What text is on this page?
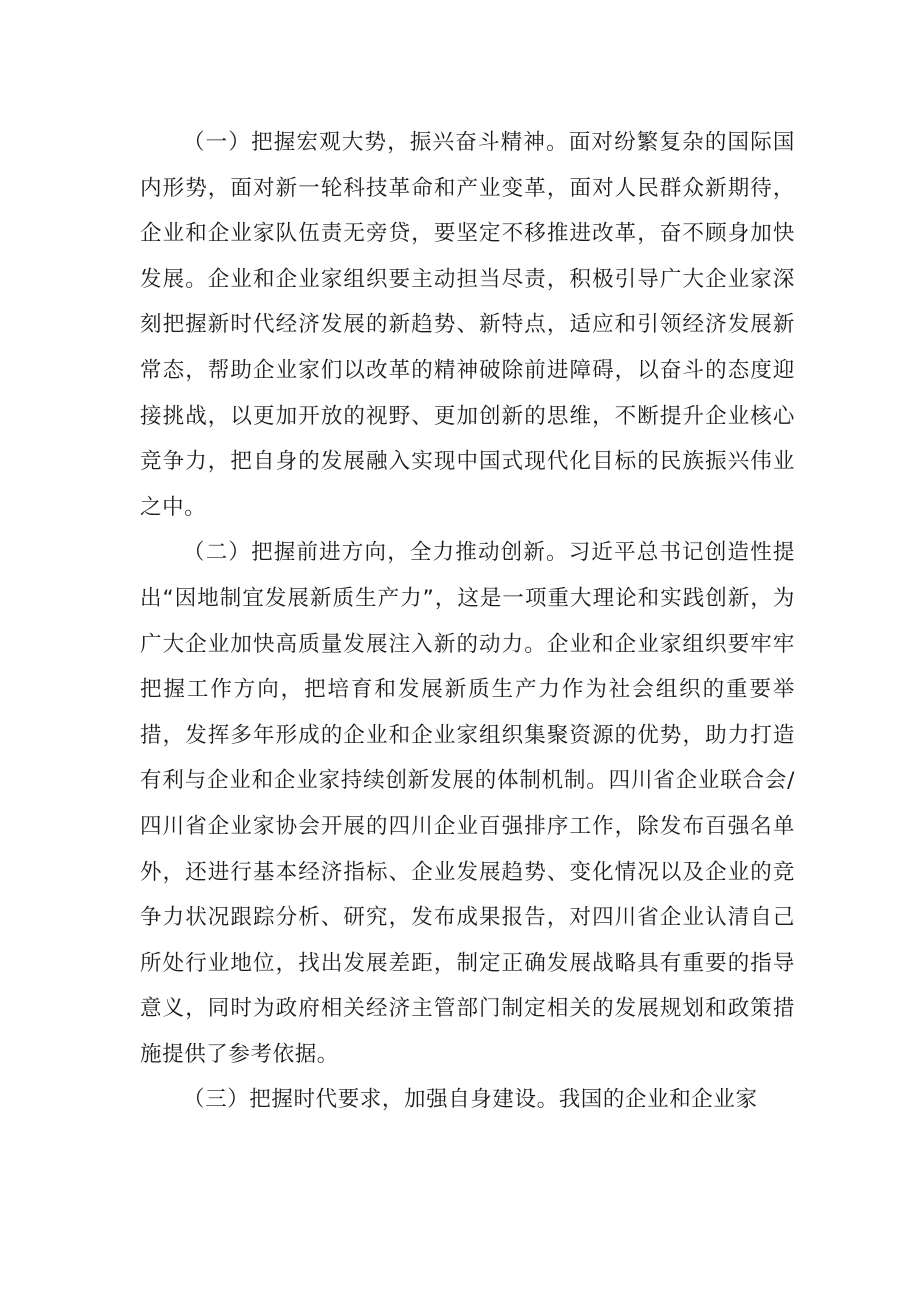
（一）把握宏观大势，振兴奋斗精神。面对纷繁复杂的国际国内形势，面对新一轮科技革命和产业变革，面对人民群众新期待，企业和企业家队伍责无旁贷，要坚定不移推进改革，奋不顾身加快发展。企业和企业家组织要主动担当尽责，积极引导广大企业家深刻把握新时代经济发展的新趋势、新特点，适应和引领经济发展新常态，帮助企业家们以改革的精神破除前进障碍，以奋斗的态度迎接挑战，以更加开放的视野、更加创新的思维，不断提升企业核心竞争力，把自身的发展融入实现中国式现代化目标的民族振兴伟业之中。

（二）把握前进方向，全力推动创新。习近平总书记创造性提出“因地制宜发展新质生产力”，这是一项重大理论和实践创新，为广大企业加快高质量发展注入新的动力。企业和企业家组织要牢牢把握工作方向，把培育和发展新质生产力作为社会组织的重要举措，发挥多年形成的企业和企业家组织集聚资源的优势，助力打造有利与企业和企业家持续创新发展的体制机制。四川省企业联合会/四川省企业家协会开展的四川企业百强排序工作，除发布百强名单外，还进行基本经济指标、企业发展趋势、变化情况以及企业的竞争力状况跟踪分析、研究，发布成果报告，对四川省企业认清自己所处行业地位，找出发展差距，制定正确发展战略具有重要的指导意义，同时为政府相关经济主管部门制定相关的发展规划和政策措施提供了参考依据。

（三）把握时代要求，加强自身建设。我国的企业和企业家
